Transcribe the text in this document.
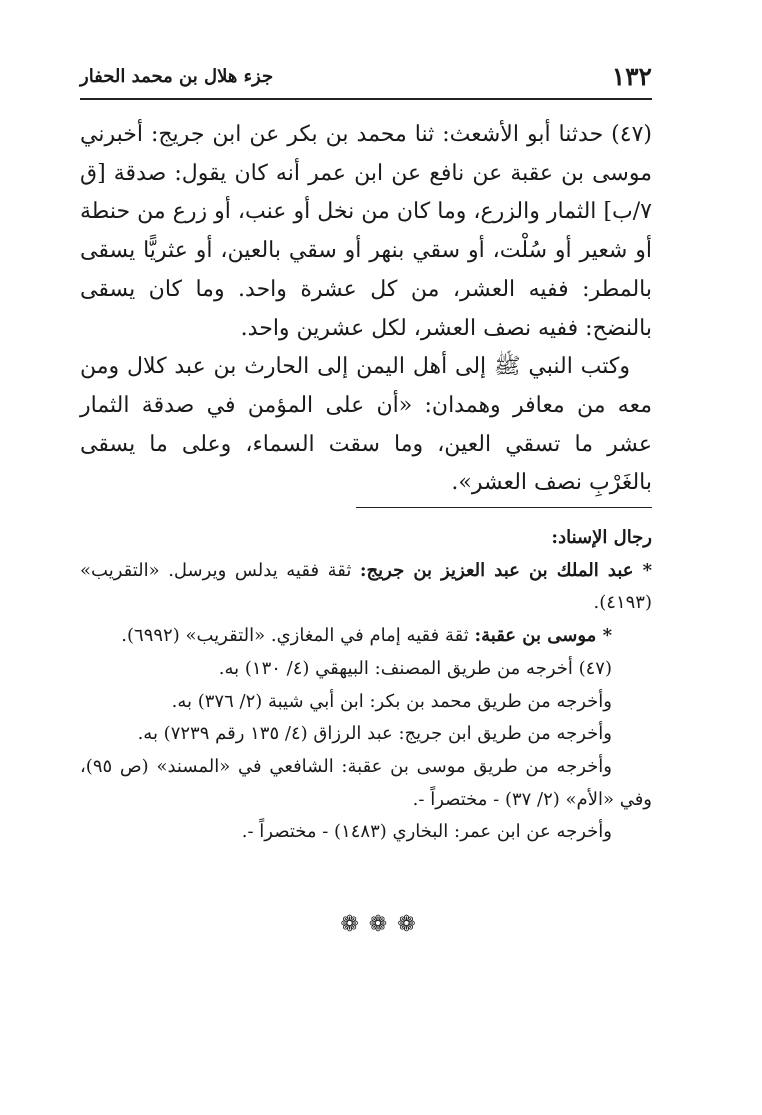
١٣٢
جزء هلال بن محمد الحفار

(٤٧) حدثنا أبو الأشعث: ثنا محمد بن بكر عن ابن جريج: أخبرني موسى بن عقبة عن نافع عن ابن عمر أنه كان يقول: صدقة [ق ٧/ب] الثمار والزرع، وما كان من نخل أو عنب، أو زرع من حنطة أو شعير أو سُلْت، أو سقي بنهر أو سقي بالعين، أو عثريًّا يسقى بالمطر: ففيه العشر، من كل عشرة واحد. وما كان يسقى بالنضح: ففيه نصف العشر، لكل عشرين واحد.

وكتب النبي ﷺ إلى أهل اليمن إلى الحارث بن عبد كلال ومن معه من معافر وهمدان: «أن على المؤمن في صدقة الثمار عشر ما تسقي العين، وما سقت السماء، وعلى ما يسقى بالغَرْبِ نصف العشر».

رجال الإسناد:

* عبد الملك بن عبد العزيز بن جريج: ثقة فقيه يدلس ويرسل. «التقريب» (٤١٩٣).

* موسى بن عقبة: ثقة فقيه إمام في المغازي. «التقريب» (٦٩٩٢).

(٤٧) أخرجه من طريق المصنف: البيهقي (٤/ ١٣٠) به.

وأخرجه من طريق محمد بن بكر: ابن أبي شيبة (٢/ ٣٧٦) به.

وأخرجه من طريق ابن جريج: عبد الرزاق (٤/ ١٣٥ رقم ٧٢٣٩) به.

وأخرجه من طريق موسى بن عقبة: الشافعي في «المسند» (ص ٩٥)، وفي «الأم» (٢/ ٣٧) - مختصراً -.

وأخرجه عن ابن عمر: البخاري (١٤٨٣) - مختصراً -.

❁❁❁
